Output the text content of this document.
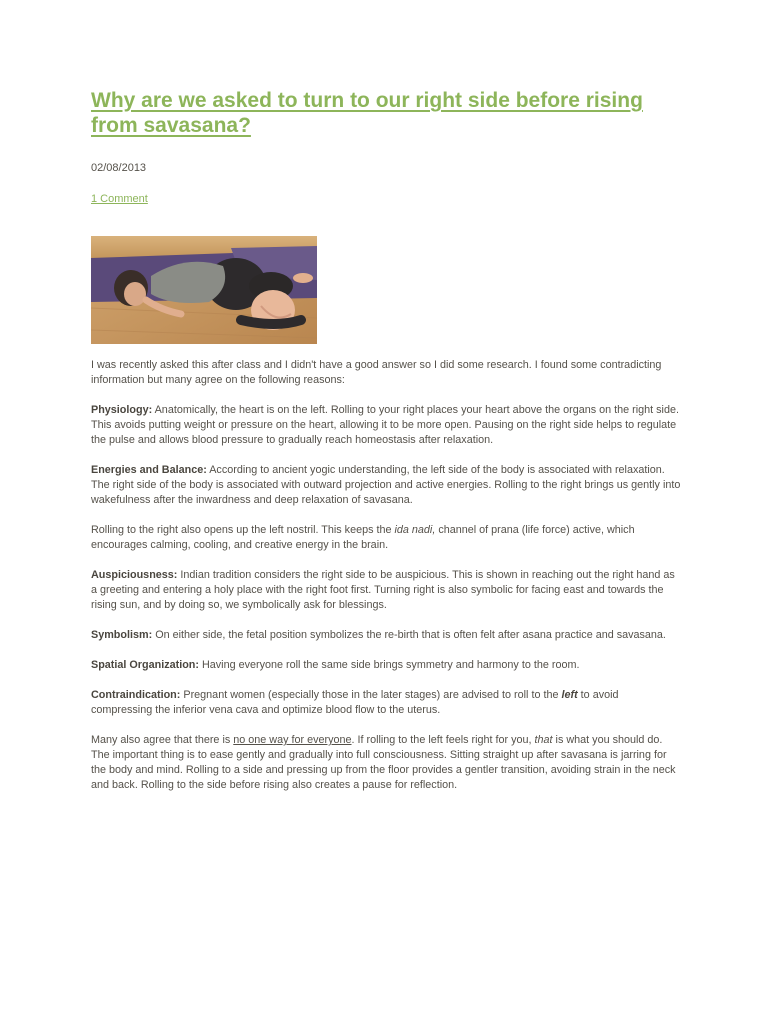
Why are we asked to turn to our right side before rising from savasana?
02/08/2013
1 Comment

I was recently asked this after class and I didn't have a good answer so I did some research. I found some contradicting information but many agree on the following reasons:

Physiology: Anatomically, the heart is on the left. Rolling to your right places your heart above the organs on the right side. This avoids putting weight or pressure on the heart, allowing it to be more open. Pausing on the right side helps to regulate the pulse and allows blood pressure to gradually reach homeostasis after relaxation.

Energies and Balance: According to ancient yogic understanding, the left side of the body is associated with relaxation. The right side of the body is associated with outward projection and active energies. Rolling to the right brings us gently into wakefulness after the inwardness and deep relaxation of savasana.

Rolling to the right also opens up the left nostril. This keeps the ida nadi, channel of prana (life force) active, which encourages calming, cooling, and creative energy in the brain.

Auspiciousness: Indian tradition considers the right side to be auspicious. This is shown in reaching out the right hand as a greeting and entering a holy place with the right foot first. Turning right is also symbolic for facing east and towards the rising sun, and by doing so, we symbolically ask for blessings.

Symbolism: On either side, the fetal position symbolizes the re-birth that is often felt after asana practice and savasana.

Spatial Organization: Having everyone roll the same side brings symmetry and harmony to the room.

Contraindication: Pregnant women (especially those in the later stages) are advised to roll to the left to avoid compressing the inferior vena cava and optimize blood flow to the uterus.

Many also agree that there is no one way for everyone. If rolling to the left feels right for you, that is what you should do. The important thing is to ease gently and gradually into full consciousness. Sitting straight up after savasana is jarring for the body and mind. Rolling to a side and pressing up from the floor provides a gentler transition, avoiding strain in the neck and back. Rolling to the side before rising also creates a pause for reflection.
